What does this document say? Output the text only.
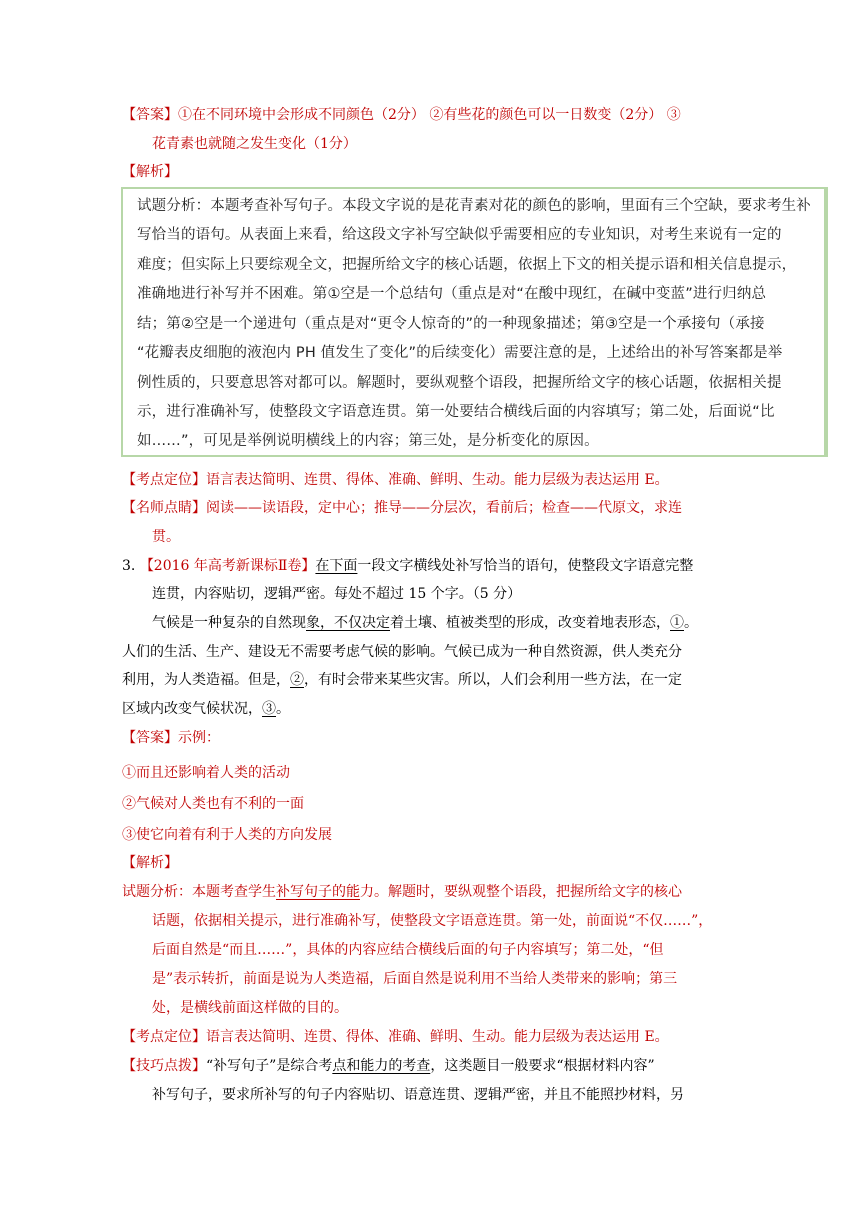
【答案】①在不同环境中会形成不同颜色（2分） ②有些花的颜色可以一日数变（2分） ③
花青素也就随之发生变化（1分）
【解析】
试题分析：本题考查补写句子。本段文字说的是花青素对花的颜色的影响，里面有三个空缺，要求考生补
写恰当的语句。从表面上来看，给这段文字补写空缺似乎需要相应的专业知识，对考生来说有一定的
难度；但实际上只要综观全文，把握所给文字的核心话题，依据上下文的相关提示语和相关信息提示，
准确地进行补写并不困难。第①空是一个总结句（重点是对“在酸中现红，在碱中变蓝”进行归纳总
结；第②空是一个递进句（重点是对“更令人惊奇的”的一种现象描述；第③空是一个承接句（承接
“花瓣表皮细胞的液泡内 PH 值发生了变化”的后续变化）需要注意的是，上述给出的补写答案都是举
例性质的，只要意思答对都可以。解题时，要纵观整个语段，把握所给文字的核心话题，依据相关提
示，进行准确补写，使整段文字语意连贯。第一处要结合横线后面的内容填写；第二处，后面说“比
如……”，可见是举例说明横线上的内容；第三处，是分析变化的原因。
【考点定位】语言表达简明、连贯、得体、准确、鲜明、生动。能力层级为表达运用 E。
【名师点睛】阅读——读语段，定中心；推导——分层次，看前后；检查——代原文，求连
贯。
3. 【2016 年高考新课标Ⅱ卷】在下面一段文字横线处补写恰当的语句，使整段文字语意完整
连贯，内容贴切，逻辑严密。每处不超过 15 个字。（5 分）
气候是一种复杂的自然现象，不仅决定着土壤、植被类型的形成，改变着地表形态，①。
人们的生活、生产、建设无不需要考虑气候的影响。气候已成为一种自然资源，供人类充分
利用，为人类造福。但是，②，有时会带来某些灾害。所以，人们会利用一些方法，在一定
区域内改变气候状况，③。
【答案】示例：
①而且还影响着人类的活动
②气候对人类也有不利的一面
③使它向着有利于人类的方向发展
【解析】
试题分析：本题考查学生补写句子的能力。解题时，要纵观整个语段，把握所给文字的核心
话题，依据相关提示，进行准确补写，使整段文字语意连贯。第一处，前面说“不仅……”，
后面自然是“而且……”，具体的内容应结合横线后面的句子内容填写；第二处，“但
是”表示转折，前面是说为人类造福，后面自然是说利用不当给人类带来的影响；第三
处，是横线前面这样做的目的。
【考点定位】语言表达简明、连贯、得体、准确、鲜明、生动。能力层级为表达运用 E。
【技巧点拨】“补写句子”是综合考点和能力的考查，这类题目一般要求“根据材料内容”
补写句子，要求所补写的句子内容贴切、语意连贯、逻辑严密，并且不能照抄材料，另
